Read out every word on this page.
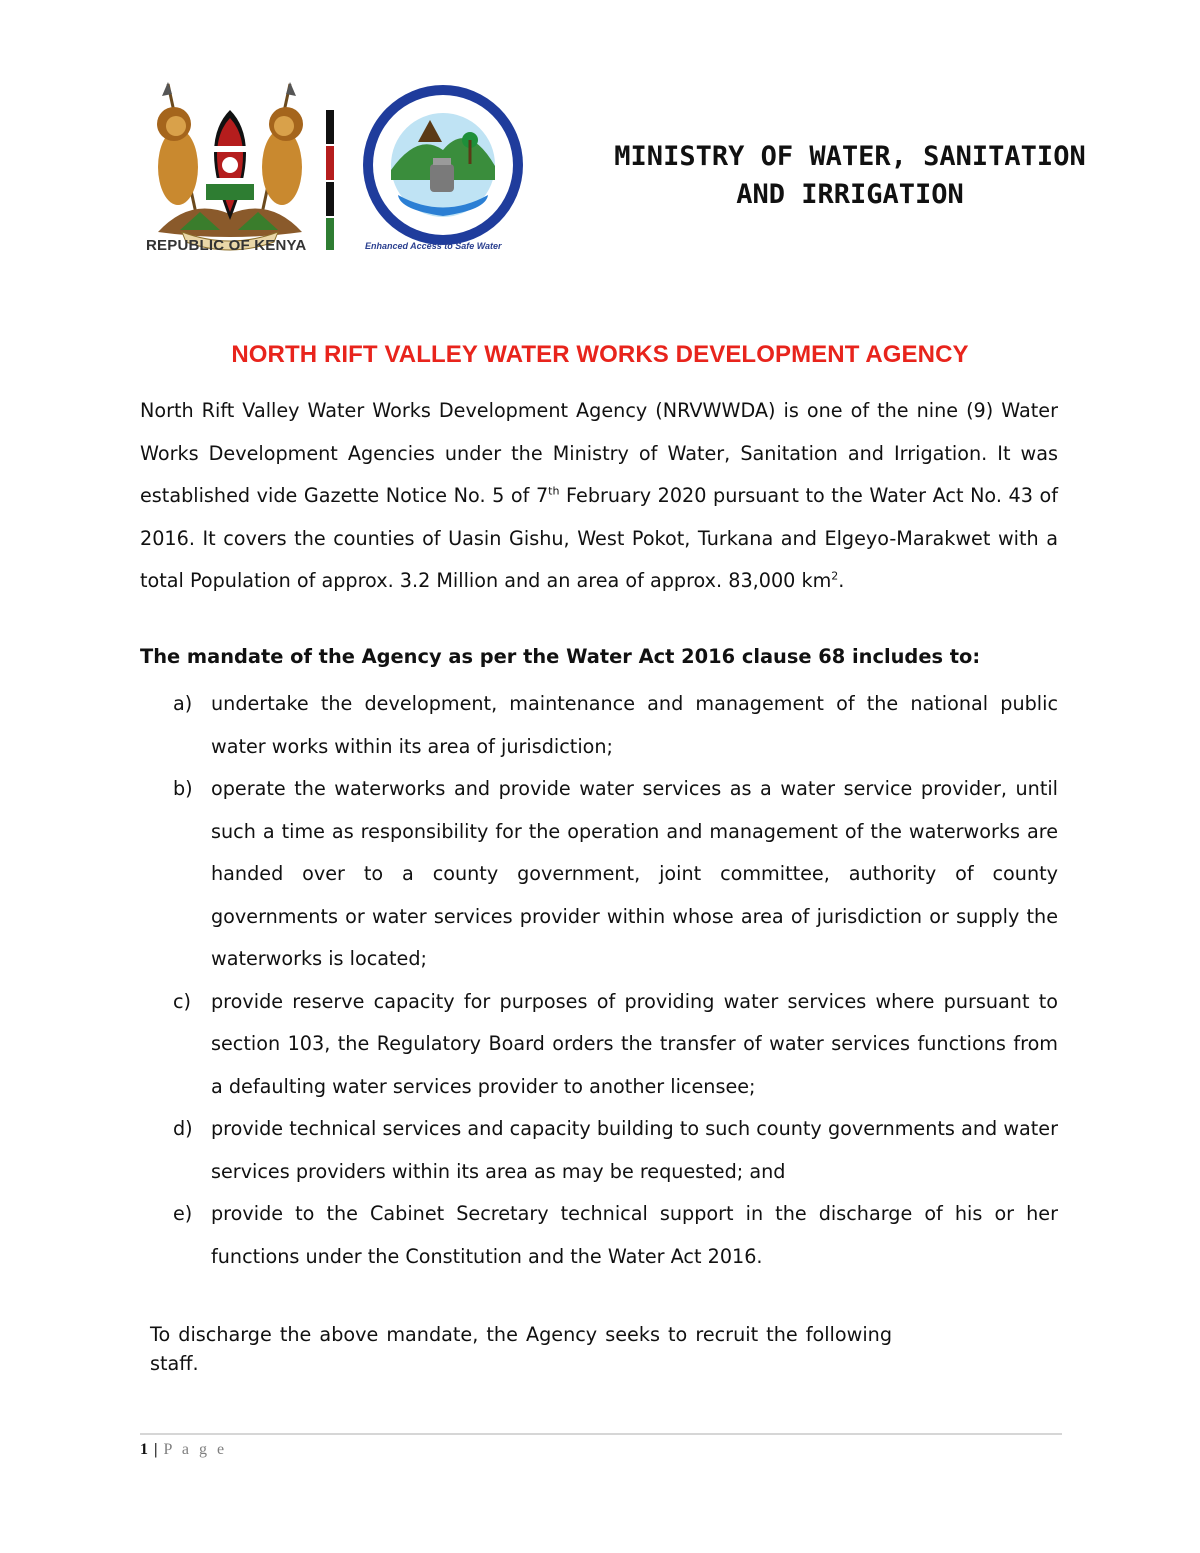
REPUBLIC OF KENYA	Enhanced Access to Safe Water
MINISTRY OF WATER, SANITATION
AND IRRIGATION
NORTH RIFT VALLEY WATER WORKS DEVELOPMENT AGENCY
North Rift Valley Water Works Development Agency (NRVWWDA) is one of the nine (9) Water Works Development Agencies under the Ministry of Water, Sanitation and Irrigation. It was established vide Gazette Notice No. 5 of 7th February 2020 pursuant to the Water Act No. 43 of 2016. It covers the counties of Uasin Gishu, West Pokot, Turkana and Elgeyo-Marakwet with a total Population of approx. 3.2 Million and an area of approx. 83,000 $km^2$.
The mandate of the Agency as per the Water Act 2016 clause 68 includes to:
a) undertake the development, maintenance and management of the national public water works within its area of jurisdiction;
b) operate the waterworks and provide water services as a water service provider, until such a time as responsibility for the operation and management of the waterworks are handed over to a county government, joint committee, authority of county governments or water services provider within whose area of jurisdiction or supply the waterworks is located;
c) provide reserve capacity for purposes of providing water services where pursuant to section 103, the Regulatory Board orders the transfer of water services functions from a defaulting water services provider to another licensee;
d) provide technical services and capacity building to such county governments and water services providers within its area as may be requested; and
e) provide to the Cabinet Secretary technical support in the discharge of his or her functions under the Constitution and the Water Act 2016.
To discharge the above mandate, the Agency seeks to recruit the following staff.
1 | P a g e
